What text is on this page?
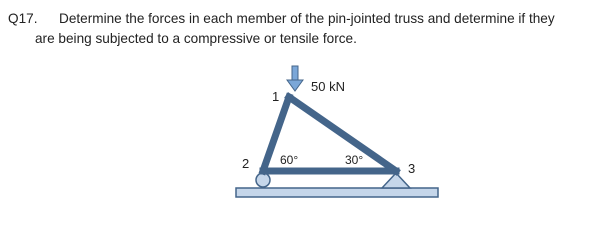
Q17. Determine the forces in each member of the pin-jointed truss and determine if they
are being subjected to a compressive or tensile force.
50 kN
1
2	3
60°	30°
